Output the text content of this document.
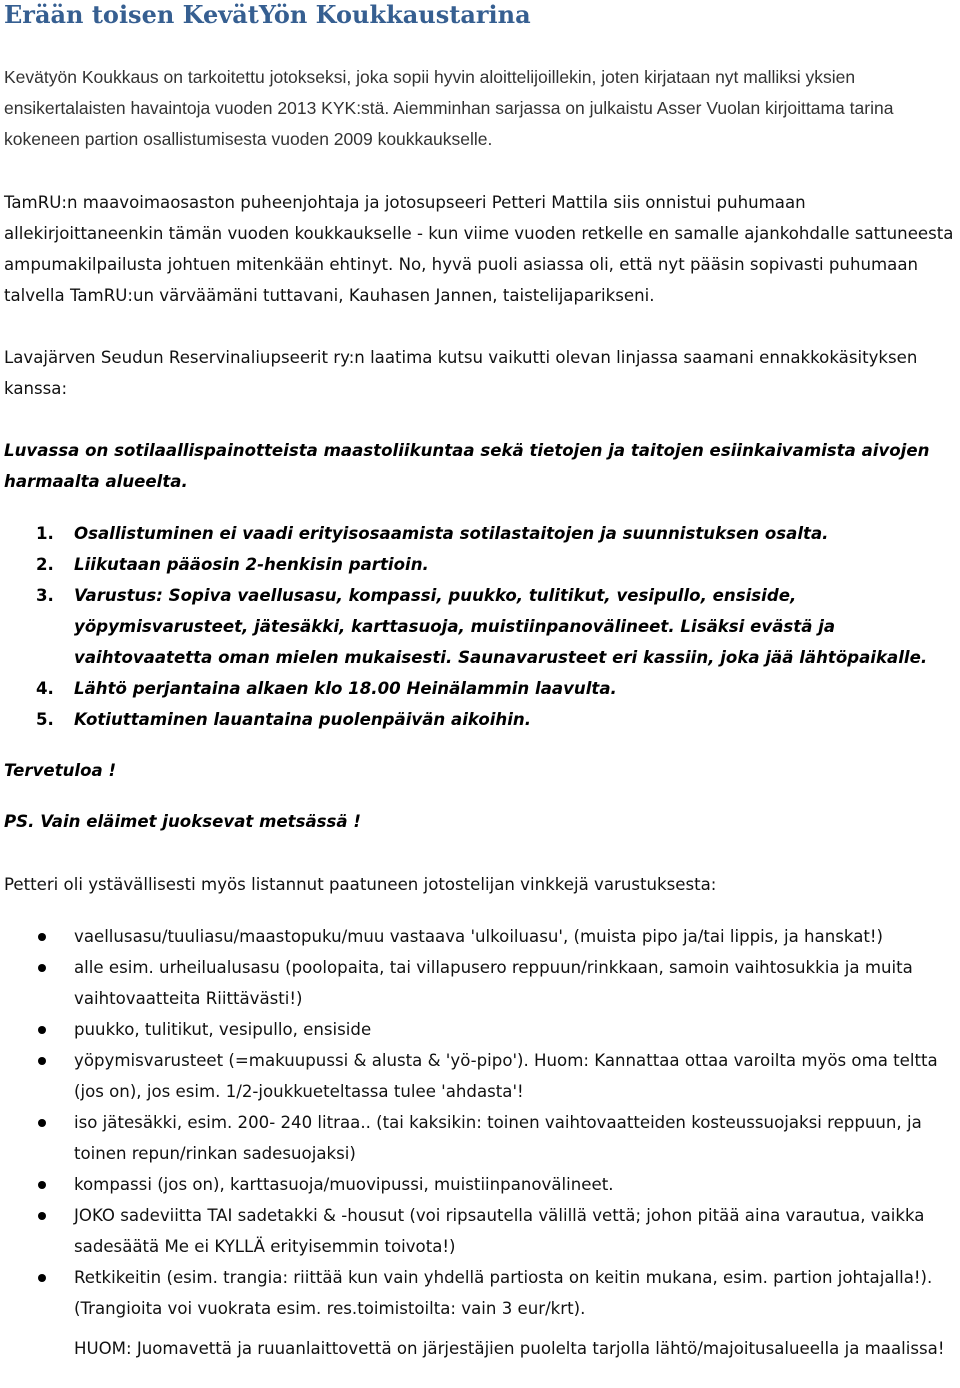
Erään toisen KevätYön Koukkaustarina

Kevätyön Koukkaus on tarkoitettu jotokseksi, joka sopii hyvin aloittelijoillekin, joten kirjataan nyt malliksi yksien ensikertalaisten havaintoja vuoden 2013 KYK:stä. Aiemminhan sarjassa on julkaistu Asser Vuolan kirjoittama tarina kokeneen partion osallistumisesta vuoden 2009 koukkaukselle.

TamRU:n maavoimaosaston puheenjohtaja ja jotosupseeri Petteri Mattila siis onnistui puhumaan allekirjoittaneenkin tämän vuoden koukkaukselle - kun viime vuoden retkelle en samalle ajankohdalle sattuneesta ampumakilpailusta johtuen mitenkään ehtinyt. No, hyvä puoli asiassa oli, että nyt pääsin sopivasti puhumaan talvella TamRU:un värväämäni tuttavani, Kauhasen Jannen, taistelijaparikseni.

Lavajärven Seudun Reservinaliupseerit ry:n laatima kutsu vaikutti olevan linjassa saamani ennakkokäsityksen kanssa:

Luvassa on sotilaallispainotteista maastoliikuntaa sekä tietojen ja taitojen esiinkaivamista aivojen harmaalta alueelta.

1. Osallistuminen ei vaadi erityisosaamista sotilastaitojen ja suunnistuksen osalta.
2. Liikutaan pääosin 2-henkisin partioin.
3. Varustus: Sopiva vaellusasu, kompassi, puukko, tulitikut, vesipullo, ensiside, yöpymisvarusteet, jätesäkki, karttasuoja, muistiinpanovälineet. Lisäksi evästä ja vaihtovaatetta oman mielen mukaisesti. Saunavarusteet eri kassiin, joka jää lähtöpaikalle.
4. Lähtö perjantaina alkaen klo 18.00 Heinälammin laavulta.
5. Kotiuttaminen lauantaina puolenpäivän aikoihin.

Tervetuloa !

PS. Vain eläimet juoksevat metsässä !

Petteri oli ystävällisesti myös listannut paatuneen jotostelijan vinkkejä varustuksesta:

vaellusasu/tuuliasu/maastopuku/muu vastaava 'ulkoiluasu', (muista pipo ja/tai lippis, ja hanskat!)
alle esim. urheilualusasu (poolopaita, tai villapusero reppuun/rinkkaan, samoin vaihtosukkia ja muita vaihtovaatteita Riittävästi!)
puukko, tulitikut, vesipullo, ensiside
yöpymisvarusteet (=makuupussi & alusta & 'yö-pipo'). Huom: Kannattaa ottaa varoilta myös oma teltta (jos on), jos esim. 1/2-joukkueteltassa tulee 'ahdasta'!
iso jätesäkki, esim. 200- 240 litraa.. (tai kaksikin: toinen vaihtovaatteiden kosteussuojaksi reppuun, ja toinen repun/rinkan sadesuojaksi)
kompassi (jos on), karttasuoja/muovipussi, muistiinpanovälineet.
JOKO sadeviitta TAI sadetakki & -housut (voi ripsautella välillä vettä; johon pitää aina varautua, vaikka sadesäätä Me ei KYLLÄ erityisemmin toivota!)
Retkikeitin (esim. trangia: riittää kun vain yhdellä partiosta on keitin mukana, esim. partion johtajalla!). (Trangioita voi vuokrata esim. res.toimistoilta: vain 3 eur/krt).

HUOM: Juomavettä ja ruuanlaittovettä on järjestäjien puolelta tarjolla lähtö/majoitusalueella ja maalissa!
